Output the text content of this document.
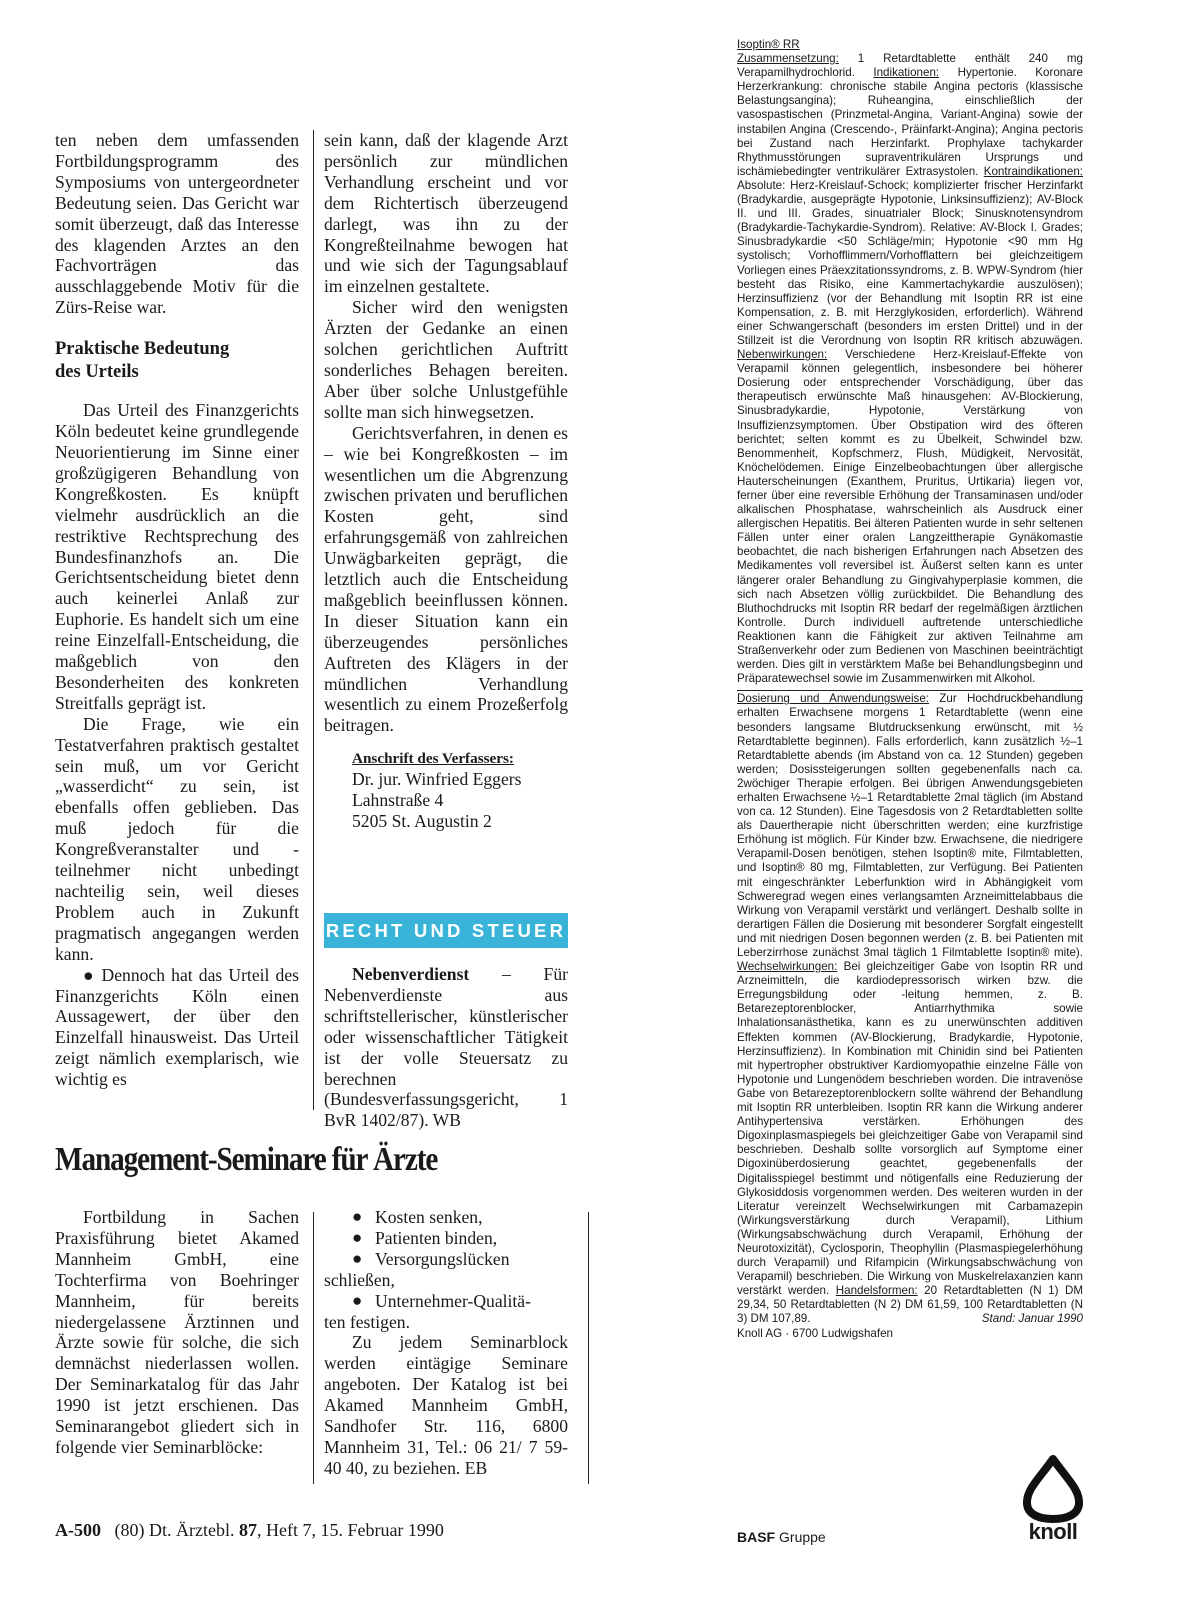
ten neben dem umfassenden Fortbildungsprogramm des Symposiums von untergeordneter Bedeutung seien. Das Gericht war somit überzeugt, daß das Interesse des klagenden Arztes an den Fachvorträgen das ausschlaggebende Motiv für die Zürs-Reise war.

Praktische Bedeutung

des Urteils

Das Urteil des Finanzgerichts Köln bedeutet keine grundlegende Neuorientierung im Sinne einer großzügigeren Behandlung von Kongreßkosten. Es knüpft vielmehr ausdrücklich an die restriktive Rechtsprechung des Bundesfinanzhofs an. Die Gerichtsentscheidung bietet denn auch keinerlei Anlaß zur Euphorie. Es handelt sich um eine reine Einzelfall-Entscheidung, die maßgeblich von den Besonderheiten des konkreten Streitfalls geprägt ist.

Die Frage, wie ein Testatverfahren praktisch gestaltet sein muß, um vor Gericht „wasserdicht“ zu sein, ist ebenfalls offen geblieben. Das muß jedoch für die Kongreßveranstalter und -teilnehmer nicht unbedingt nachteilig sein, weil dieses Problem auch in Zukunft pragmatisch angegangen werden kann.

● Dennoch hat das Urteil des Finanzgerichts Köln einen Aussagewert, der über den Einzelfall hinausweist. Das Urteil zeigt nämlich exemplarisch, wie wichtig es

sein kann, daß der klagende Arzt persönlich zur mündlichen Verhandlung erscheint und vor dem Richtertisch überzeugend darlegt, was ihn zu der Kongreßteilnahme bewogen hat und wie sich der Tagungsablauf im einzelnen gestaltete.

Sicher wird den wenigsten Ärzten der Gedanke an einen solchen gerichtlichen Auftritt sonderliches Behagen bereiten. Aber über solche Unlustgefühle sollte man sich hinwegsetzen.

Gerichtsverfahren, in denen es – wie bei Kongreßkosten – im wesentlichen um die Abgrenzung zwischen privaten und beruflichen Kosten geht, sind erfahrungsgemäß von zahlreichen Unwägbarkeiten geprägt, die letztlich auch die Entscheidung maßgeblich beeinflussen können. In dieser Situation kann ein überzeugendes persönliches Auftreten des Klägers in der mündlichen Verhandlung wesentlich zu einem Prozeßerfolg beitragen.

Anschrift des Verfassers:
Dr. jur. Winfried Eggers
Lahnstraße 4
5205 St. Augustin 2
RECHT UND STEUER

Nebenverdienst – Für Nebenverdienste aus schriftstellerischer, künstlerischer oder wissenschaftlicher Tätigkeit ist der volle Steuersatz zu berechnen (Bundesverfassungsgericht, 1 BvR 1402/87). WB

Management-Seminare für Ärzte

Fortbildung in Sachen Praxisführung bietet Akamed Mannheim GmbH, eine Tochterfirma von Boehringer Mannheim, für bereits niedergelassene Ärztinnen und Ärzte sowie für solche, die sich demnächst niederlassen wollen. Der Seminarkatalog für das Jahr 1990 ist jetzt erschienen. Das Seminarangebot gliedert sich in folgende vier Seminarblöcke:

● Kosten senken,
● Patienten binden,
● Versorgungslücken
schließen,
● Unternehmer-Qualitä-
ten festigen.

Zu jedem Seminarblock werden eintägige Seminare angeboten. Der Katalog ist bei Akamed Mannheim GmbH, Sandhofer Str. 116, 6800 Mannheim 31, Tel.: 06 21/ 7 59-40 40, zu beziehen. EB

A-500 (80) Dt. Ärztebl. 87, Heft 7, 15. Februar 1990

Isoptin® RR

Zusammensetzung: 1 Retardtablette enthält 240 mg Verapamilhydrochlorid. Indikationen: Hypertonie. Koronare Herzerkrankung: chronische stabile Angina pectoris (klassische Belastungsangina); Ruheangina, einschließlich der vasospastischen (Prinzmetal-Angina, Variant-Angina) sowie der instabilen Angina (Crescendo-, Präinfarkt-Angina); Angina pectoris bei Zustand nach Herzinfarkt. Prophylaxe tachykarder Rhythmusstörungen supraventrikulären Ursprungs und ischämiebedingter ventrikulärer Extrasystolen. Kontraindikationen: Absolute: Herz-Kreislauf-Schock; komplizierter frischer Herzinfarkt (Bradykardie, ausgeprägte Hypotonie, Linksinsuffizienz); AV-Block II. und III. Grades, sinuatrialer Block; Sinusknotensyndrom (Bradykardie-Tachykardie-Syndrom). Relative: AV-Block I. Grades; Sinusbradykardie <50 Schläge/min; Hypotonie <90 mm Hg systolisch; Vorhofflimmern/Vorhofflattern bei gleichzeitigem Vorliegen eines Präexzitationssyndroms, z. B. WPW-Syndrom (hier besteht das Risiko, eine Kammertachykardie auszulösen); Herzinsuffizienz (vor der Behandlung mit Isoptin RR ist eine Kompensation, z. B. mit Herzglykosiden, erforderlich). Während einer Schwangerschaft (besonders im ersten Drittel) und in der Stillzeit ist die Verordnung von Isoptin RR kritisch abzuwägen. Nebenwirkungen: Verschiedene Herz-Kreislauf-Effekte von Verapamil können gelegentlich, insbesondere bei höherer Dosierung oder entsprechender Vorschädigung, über das therapeutisch erwünschte Maß hinausgehen: AV-Blockierung, Sinusbradykardie, Hypotonie, Verstärkung von Insuffizienzsymptomen. Über Obstipation wird des öfteren berichtet; selten kommt es zu Übelkeit, Schwindel bzw. Benommenheit, Kopfschmerz, Flush, Müdigkeit, Nervosität, Knöchelödemen. Einige Einzelbeobachtungen über allergische Hauterscheinungen (Exanthem, Pruritus, Urtikaria) liegen vor, ferner über eine reversible Erhöhung der Transaminasen und/oder alkalischen Phosphatase, wahrscheinlich als Ausdruck einer allergischen Hepatitis. Bei älteren Patienten wurde in sehr seltenen Fällen unter einer oralen Langzeittherapie Gynäkomastie beobachtet, die nach bisherigen Erfahrungen nach Absetzen des Medikamentes voll reversibel ist. Äußerst selten kann es unter längerer oraler Behandlung zu Gingivahyperplasie kommen, die sich nach Absetzen völlig zurückbildet. Die Behandlung des Bluthochdrucks mit Isoptin RR bedarf der regelmäßigen ärztlichen Kontrolle. Durch individuell auftretende unterschiedliche Reaktionen kann die Fähigkeit zur aktiven Teilnahme am Straßenverkehr oder zum Bedienen von Maschinen beeinträchtigt werden. Dies gilt in verstärktem Maße bei Behandlungsbeginn und Präparatewechsel sowie im Zusammenwirken mit Alkohol.

Dosierung und Anwendungsweise: Zur Hochdruckbehandlung erhalten Erwachsene morgens 1 Retardtablette (wenn eine besonders langsame Blutdrucksenkung erwünscht, mit ½ Retardtablette beginnen). Falls erforderlich, kann zusätzlich ½–1 Retardtablette abends (im Abstand von ca. 12 Stunden) gegeben werden; Dosissteigerungen sollten gegebenenfalls nach ca. 2wöchiger Therapie erfolgen. Bei übrigen Anwendungsgebieten erhalten Erwachsene ½–1 Retardtablette 2mal täglich (im Abstand von ca. 12 Stunden). Eine Tagesdosis von 2 Retardtabletten sollte als Dauertherapie nicht überschritten werden; eine kurzfristige Erhöhung ist möglich. Für Kinder bzw. Erwachsene, die niedrigere Verapamil-Dosen benötigen, stehen Isoptin® mite, Filmtabletten, und Isoptin® 80 mg, Filmtabletten, zur Verfügung. Bei Patienten mit eingeschränkter Leberfunktion wird in Abhängigkeit vom Schweregrad wegen eines verlangsamten Arzneimittelabbaus die Wirkung von Verapamil verstärkt und verlängert. Deshalb sollte in derartigen Fällen die Dosierung mit besonderer Sorgfalt eingestellt und mit niedrigen Dosen begonnen werden (z. B. bei Patienten mit Leberzirrhose zunächst 3mal täglich 1 Filmtablette Isoptin® mite). Wechselwirkungen: Bei gleichzeitiger Gabe von Isoptin RR und Arzneimitteln, die kardiodepressorisch wirken bzw. die Erregungsbildung oder -leitung hemmen, z. B. Betarezeptorenblocker, Antiarrhythmika sowie Inhalationsanästhetika, kann es zu unerwünschten additiven Effekten kommen (AV-Blockierung, Bradykardie, Hypotonie, Herzinsuffizienz). In Kombination mit Chinidin sind bei Patienten mit hypertropher obstruktiver Kardiomyopathie einzelne Fälle von Hypotonie und Lungenödem beschrieben worden. Die intravenöse Gabe von Betarezeptorenblockern sollte während der Behandlung mit Isoptin RR unterbleiben. Isoptin RR kann die Wirkung anderer Antihypertensiva verstärken. Erhöhungen des Digoxinplasmaspiegels bei gleichzeitiger Gabe von Verapamil sind beschrieben. Deshalb sollte vorsorglich auf Symptome einer Digoxinüberdosierung geachtet, gegebenenfalls der Digitalisspiegel bestimmt und nötigenfalls eine Reduzierung der Glykosiddosis vorgenommen werden. Des weiteren wurden in der Literatur vereinzelt Wechselwirkungen mit Carbamazepin (Wirkungsverstärkung durch Verapamil), Lithium (Wirkungsabschwächung durch Verapamil, Erhöhung der Neurotoxizität), Cyclosporin, Theophyllin (Plasmaspiegelerhöhung durch Verapamil) und Rifampicin (Wirkungsabschwächung von Verapamil) beschrieben. Die Wirkung von Muskelrelaxanzien kann verstärkt werden. Handelsformen: 20 Retardtabletten (N 1) DM 29,34, 50 Retardtabletten (N 2) DM 61,59, 100 Retardtabletten (N 3) DM 107,89.	Stand: Januar 1990

Knoll AG · 6700 Ludwigshafen

BASF Gruppe	knoll
